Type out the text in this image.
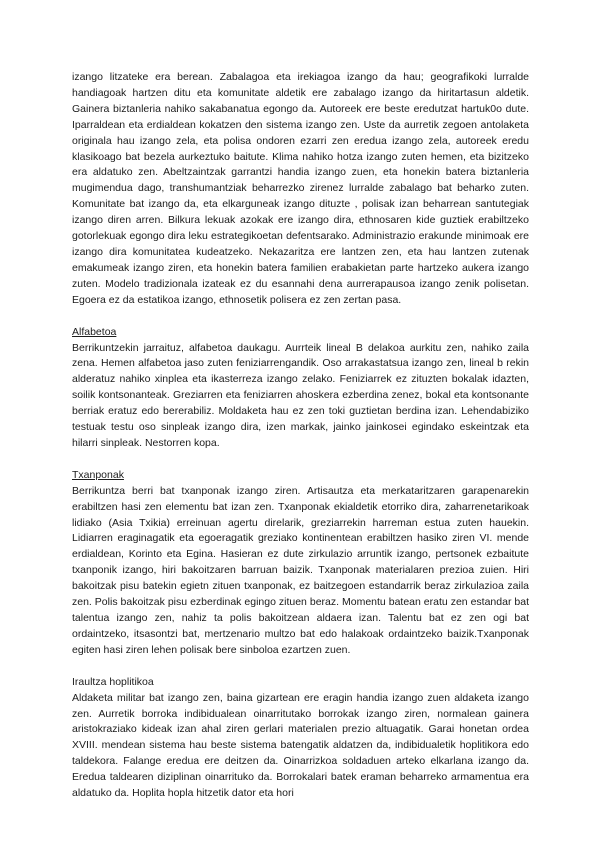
izango litzateke era berean. Zabalagoa eta irekiagoa izango da hau; geografikoki lurralde handiagoak hartzen ditu eta komunitate aldetik ere zabalago izango da hiritartasun aldetik. Gainera biztanleria nahiko sakabanatua egongo da. Autoreek ere beste eredutzat hartuk0o dute. Iparraldean eta erdialdean kokatzen den sistema izango zen. Uste da aurretik zegoen antolaketa originala hau izango zela, eta polisa ondoren ezarri zen eredua izango zela, autoreek eredu klasikoago bat bezela aurkeztuko baitute. Klima nahiko hotza izango zuten hemen, eta bizitzeko era aldatuko zen. Abeltzaintzak garrantzi handia izango zuen, eta honekin batera biztanleria mugimendua dago, transhumantziak beharrezko zirenez lurralde zabalago bat beharko zuten. Komunitate bat izango da, eta elkarguneak izango dituzte , polisak izan beharrean santutegiak izango diren arren. Bilkura lekuak azokak ere izango dira, ethnosaren kide guztiek erabiltzeko gotorlekuak egongo dira leku estrategikoetan defentsarako. Administrazio erakunde minimoak ere izango dira komunitatea kudeatzeko. Nekazaritza ere lantzen zen, eta hau lantzen zutenak emakumeak izango ziren, eta honekin batera familien erabakietan parte hartzeko aukera izango zuten. Modelo tradizionala izateak ez du esannahi dena aurrerapausoa izango zenik polisetan. Egoera ez da estatikoa izango, ethnosetik polisera ez zen zertan pasa.

Alfabetoa

Berrikuntzekin jarraituz, alfabetoa daukagu. Aurrteik lineal B delakoa aurkitu zen, nahiko zaila zena. Hemen alfabetoa jaso zuten feniziarrengandik. Oso arrakastatsua izango zen, lineal b rekin alderatuz nahiko xinplea eta ikasterreza izango zelako. Feniziarrek ez zituzten bokalak idazten, soilik kontsonanteak. Greziarren eta feniziarren ahoskera ezberdina zenez, bokal eta kontsonante berriak eratuz edo bererabiliz. Moldaketa hau ez zen toki guztietan berdina izan. Lehendabiziko testuak testu oso sinpleak izango dira, izen markak, jainko jainkosei egindako eskeintzak eta hilarri sinpleak. Nestorren kopa.

Txanponak

Berrikuntza berri bat txanponak izango ziren. Artisautza eta merkataritzaren garapenarekin erabiltzen hasi zen elementu bat izan zen. Txanponak ekialdetik etorriko dira, zaharrenetarikoak lidiako (Asia Txikia) erreinuan agertu direlarik, greziarrekin harreman estua zuten hauekin. Lidiarren eraginagatik eta egoeragatik greziako kontinentean erabiltzen hasiko ziren VI. mende erdialdean, Korinto eta Egina. Hasieran ez dute zirkulazio arruntik izango, pertsonek ezbaitute txanponik izango, hiri bakoitzaren barruan baizik. Txanponak materialaren prezioa zuien. Hiri bakoitzak pisu batekin egietn zituen txanponak, ez baitzegoen estandarrik beraz zirkulazioa zaila zen. Polis bakoitzak pisu ezberdinak egingo zituen beraz. Momentu batean eratu zen estandar bat talentua izango zen, nahiz ta polis bakoitzean aldaera izan. Talentu bat ez zen ogi bat ordaintzeko, itsasontzi bat, mertzenario multzo bat edo halakoak ordaintzeko baizik.Txanponak egiten hasi ziren lehen polisak bere sinboloa ezartzen zuen.

Iraultza hoplitikoa

Aldaketa militar bat izango zen, baina gizartean ere eragin handia izango zuen aldaketa izango zen. Aurretik borroka indibidualean oinarritutako borrokak izango ziren, normalean gainera aristokraziako kideak izan ahal ziren gerlari materialen prezio altuagatik. Garai honetan ordea XVIII. mendean sistema hau beste sistema batengatik aldatzen da, indibidualetik hoplitikora edo taldekora. Falange eredua ere deitzen da. Oinarrizkoa soldaduen arteko elkarlana izango da. Eredua taldearen diziplinan oinarrituko da. Borrokalari batek eraman beharreko armamentua era aldatuko da. Hoplita hopla hitzetik dator eta hori
